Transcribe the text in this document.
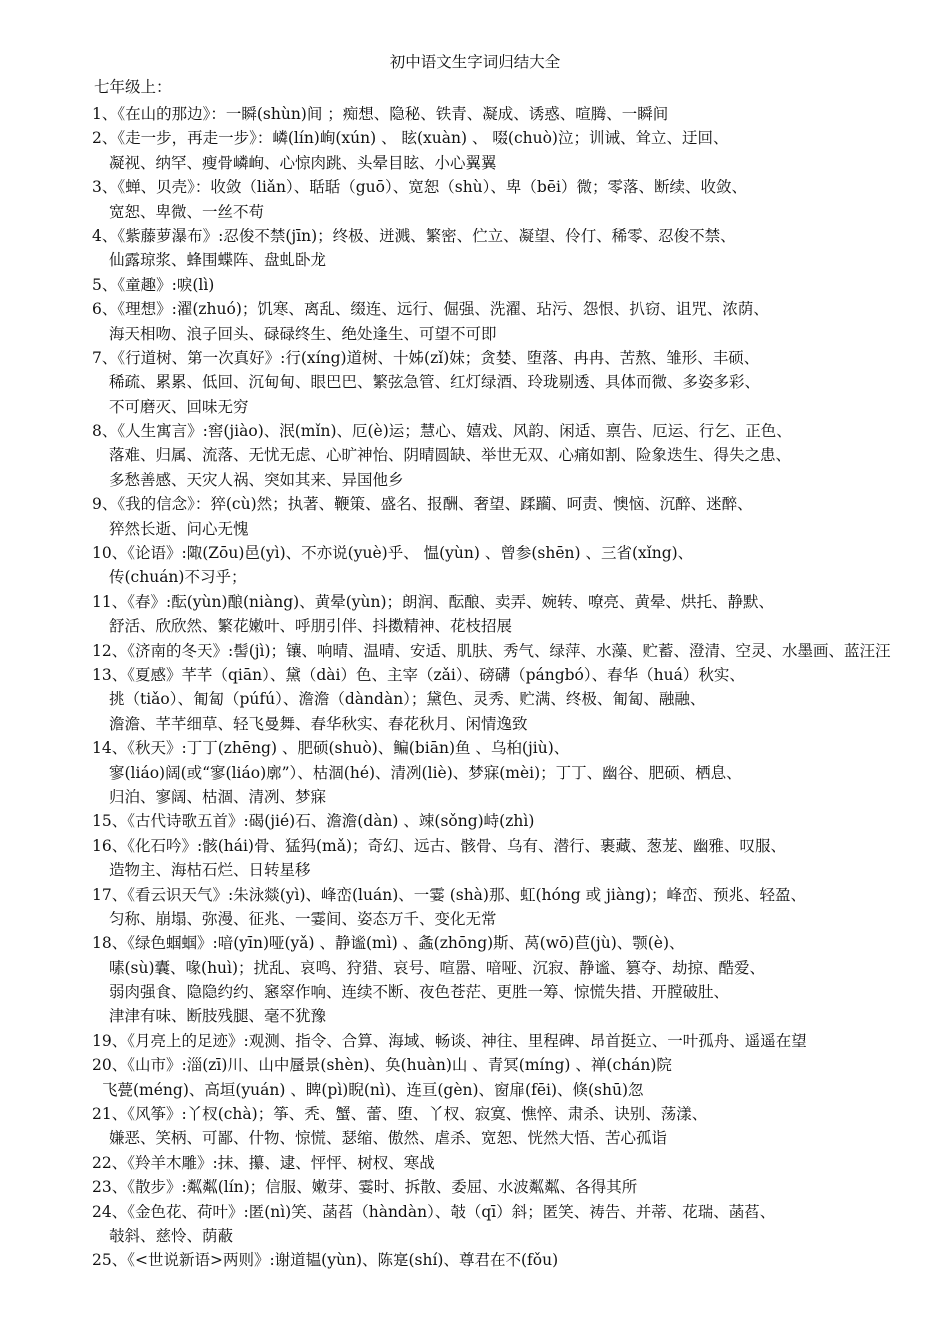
初中语文生字词归结大全
七年级上：
1、《在山的那边》：一瞬(shùn)间 ；痴想、隐秘、铁青、凝成、诱惑、喧腾、一瞬间
2、《走一步，再走一步》：嶙(lín)峋(xún) 、 眩(xuàn) 、 啜(chuò)泣；训诫、耸立、迂回、
凝视、纳罕、瘦骨嶙峋、心惊肉跳、头晕目眩、小心翼翼
3、《蝉、贝壳》：收敛（liǎn）、聒聒（guō）、宽恕（shù）、卑（bēi）微；零落、断续、收敛、
宽恕、卑微、一丝不苟
4、《紫藤萝瀑布》:忍俊不禁(jīn)；终极、迸溅、繁密、伫立、凝望、伶仃、稀零、忍俊不禁、
仙露琼浆、蜂围蝶阵、盘虬卧龙
5、《童趣》:唳(lì)
6、《理想》:濯(zhuó)；饥寒、离乱、缀连、远行、倔强、洗濯、玷污、怨恨、扒窃、诅咒、浓荫、
海天相吻、浪子回头、碌碌终生、绝处逢生、可望不可即
7、《行道树、第一次真好》:行(xíng)道树、十姊(zǐ)妹；贪婪、堕落、冉冉、苦熬、雏形、丰硕、
稀疏、累累、低回、沉甸甸、眼巴巴、繁弦急管、红灯绿酒、玲珑剔透、具体而微、多姿多彩、
不可磨灭、回味无穷
8、《人生寓言》:窖(jiào)、泯(mǐn)、厄(è)运；慧心、嬉戏、风韵、闲适、禀告、厄运、行乞、正色、
落难、归属、流落、无忧无虑、心旷神怡、阴晴圆缺、举世无双、心痛如割、险象迭生、得失之患、
多愁善感、天灾人祸、突如其来、异国他乡
9、《我的信念》：猝(cù)然；执著、鞭策、盛名、报酬、奢望、蹂躏、呵责、懊恼、沉醉、迷醉、
猝然长逝、问心无愧
10、《论语》:陬(Zōu)邑(yì)、不亦说(yuè)乎、 愠(yùn) 、曾参(shēn) 、三省(xǐng)、
传(chuán)不习乎；
11、《春》:酝(yùn)酿(niàng)、黄晕(yùn)；朗润、酝酿、卖弄、婉转、嘹亮、黄晕、烘托、静默、
舒活、欣欣然、繁花嫩叶、呼朋引伴、抖擞精神、花枝招展
12、《济南的冬天》:髻(jì)；镶、响晴、温晴、安适、肌肤、秀气、绿萍、水藻、贮蓄、澄清、空灵、水墨画、蓝汪汪
13、《夏感》芊芊（qiān）、黛（dài）色、主宰（zǎi）、磅礴（pángbó）、春华（huá）秋实、
挑（tiǎo）、匍匐（púfú）、澹澹（dàndàn）；黛色、灵秀、贮满、终极、匍匐、融融、
澹澹、芊芊细草、轻飞曼舞、春华秋实、春花秋月、闲情逸致
14、《秋天》:丁丁(zhēng) 、肥硕(shuò)、鳊(biān)鱼 、乌桕(jiù)、
寥(liáo)阔(或“寥(liáo)廓”）、枯涸(hé)、清冽(liè)、梦寐(mèi)；丁丁、幽谷、肥硕、栖息、
归泊、寥阔、枯涸、清冽、梦寐
15、《古代诗歌五首》:碣(jié)石、澹澹(dàn) 、竦(sǒng)峙(zhì)
16、《化石吟》:骸(hái)骨、猛犸(mǎ)；奇幻、远古、骸骨、乌有、潜行、裹藏、葱茏、幽雅、叹服、
造物主、海枯石烂、日转星移
17、《看云识天气》:朱泳燚(yì)、峰峦(luán)、一霎 (shà)那、虹(hóng 或 jiàng)；峰峦、预兆、轻盈、
匀称、崩塌、弥漫、征兆、一霎间、姿态万千、变化无常
18、《绿色蝈蝈》:喑(yīn)哑(yǎ) 、静谧(mì) 、螽(zhōng)斯、莴(wō)苣(jù)、颚(è)、
嗉(sù)囊、喙(huì)；扰乱、哀鸣、狩猎、哀号、喧嚣、喑哑、沉寂、静谧、篡夺、劫掠、酷爱、
弱肉强食、隐隐约约、窸窣作响、连续不断、夜色苍茫、更胜一筹、惊慌失措、开膛破肚、
津津有味、断肢残腿、毫不犹豫
19、《月亮上的足迹》:观测、指令、合算、海域、畅谈、神往、里程碑、昂首挺立、一叶孤舟、遥遥在望
20、《山市》:淄(zī)川、山中蜃景(shèn)、奂(huàn)山 、青冥(míng) 、禅(chán)院
飞甍(méng)、高垣(yuán) 、睥(pì)睨(nì)、连亘(gèn)、窗扉(fēi)、倏(shū)忽
21、《风筝》:丫杈(chà)；筝、秃、蟹、蕾、堕、丫杈、寂寞、憔悴、肃杀、诀别、荡漾、
嫌恶、笑柄、可鄙、什物、惊慌、瑟缩、傲然、虐杀、宽恕、恍然大悟、苦心孤诣
22、《羚羊木雕》:抹、攥、逮、怦怦、树杈、寒战
23、《散步》:粼粼(lín)；信服、嫩芽、霎时、拆散、委屈、水波粼粼、各得其所
24、《金色花、荷叶》:匿(nì)笑、菡萏（hàndàn）、攲（qī）斜；匿笑、祷告、并蒂、花瑞、菡萏、
攲斜、慈怜、荫蔽
25、《<世说新语>两则》:谢道韫(yùn)、陈寔(shí)、尊君在不(fǒu)
